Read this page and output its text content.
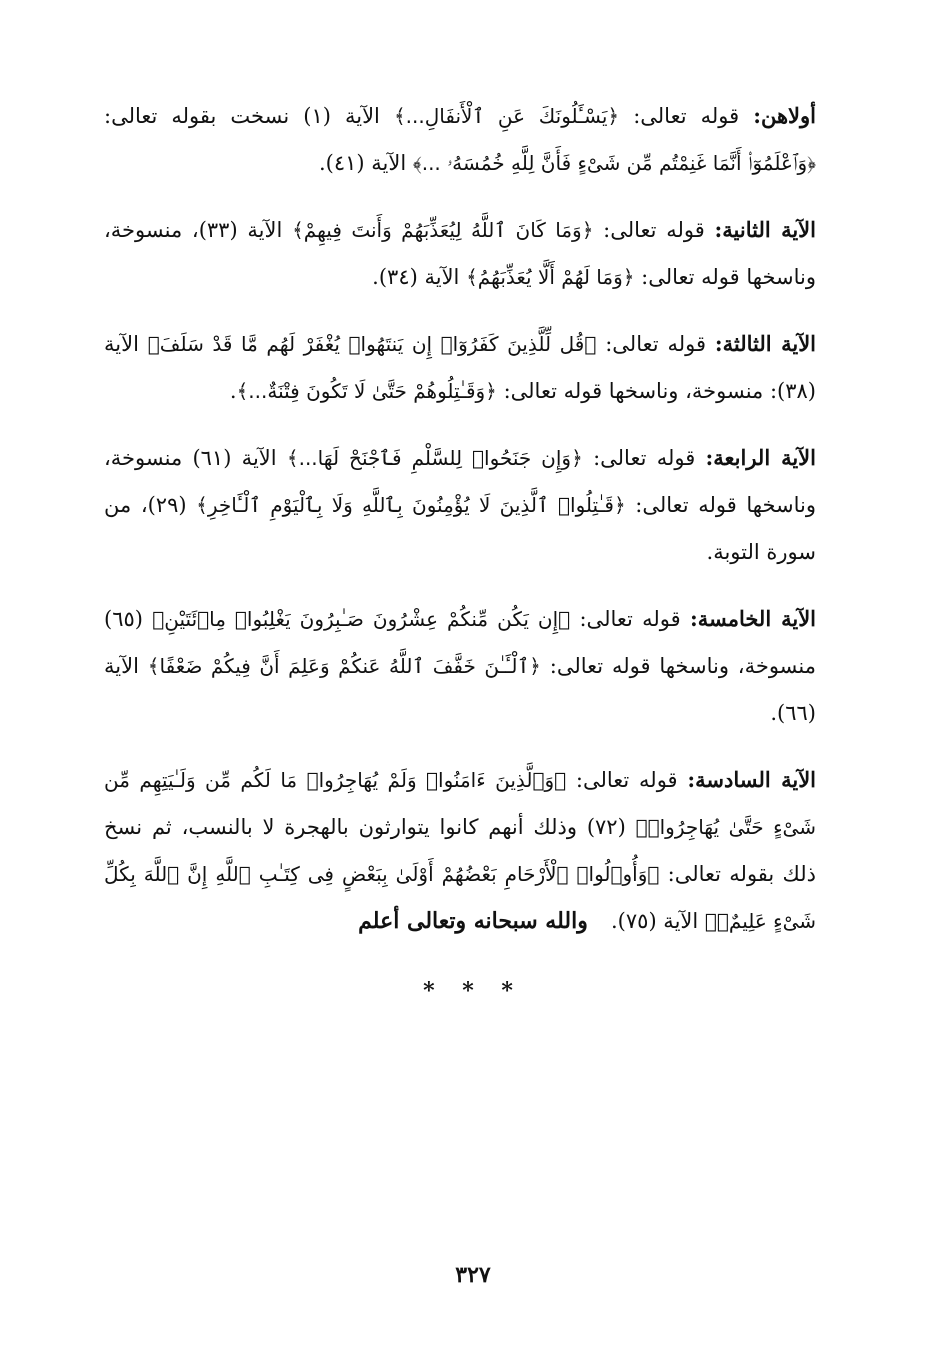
أولاهن: قوله تعالى: ﴿يَسْـَٔلُونَكَ عَنِ ٱلْأَنفَالِ...﴾ الآية (١) نسخت بقوله تعالى: ﴿وَٱعْلَمُوٓا۟ أَنَّمَا غَنِمْتُم مِّن شَىْءٍ فَأَنَّ لِلَّهِ خُمُسَهُۥ ...﴾ الآية (٤١).

الآية الثانية: قوله تعالى: ﴿وَمَا كَانَ ٱللَّهُ لِيُعَذِّبَهُمْ وَأَنتَ فِيهِمْ﴾ الآية (٣٣)، منسوخة، وناسخها قوله تعالى: ﴿وَمَا لَهُمْ أَلَّا يُعَذِّبَهُمُ﴾ الآية (٣٤).

الآية الثالثة: قوله تعالى: ﴿قُل لِّلَّذِينَ كَفَرُوٓا۟ إِن يَنتَهُوا۟ يُغْفَرْ لَهُم مَّا قَدْ سَلَفَ﴾ الآية (٣٨): منسوخة، وناسخها قوله تعالى: ﴿وَقَـٰتِلُوهُمْ حَتَّىٰ لَا تَكُونَ فِتْنَةٌ...﴾.

الآية الرابعة: قوله تعالى: ﴿وَإِن جَنَحُوا۟ لِلسَّلْمِ فَٱجْنَحْ لَهَا...﴾ الآية (٦١) منسوخة، وناسخها قوله تعالى: ﴿قَـٰتِلُوا۟ ٱلَّذِينَ لَا يُؤْمِنُونَ بِٱللَّهِ وَلَا بِٱلْيَوْمِ ٱلْـَٔاخِرِ﴾ (٢٩)، من سورة التوبة.

الآية الخامسة: قوله تعالى: ﴿إِن يَكُن مِّنكُمْ عِشْرُونَ صَـٰبِرُونَ يَغْلِبُوا۟ مِا۟ئَتَيْنِ﴾ (٦٥) منسوخة، وناسخها قوله تعالى: ﴿ٱلْـَٔـٰنَ خَفَّفَ ٱللَّهُ عَنكُمْ وَعَلِمَ أَنَّ فِيكُمْ ضَعْفًا﴾ الآية (٦٦).

الآية السادسة: قوله تعالى: ﴿وَٱلَّذِينَ ءَامَنُوا۟ وَلَمْ يُهَاجِرُوا۟ مَا لَكُم مِّن وَلَـٰيَتِهِم مِّن شَىْءٍ حَتَّىٰ يُهَاجِرُوا۟﴾ (٧٢) وذلك أنهم كانوا يتوارثون بالهجرة لا بالنسب، ثم نسخ ذلك بقوله تعالى: ﴿وَأُو۟لُوا۟ ٱلْأَرْحَامِ بَعْضُهُمْ أَوْلَىٰ بِبَعْضٍ فِى كِتَـٰبِ ٱللَّهِ إِنَّ ٱللَّهَ بِكُلِّ شَىْءٍ عَلِيمٌۢ﴾ الآية (٧٥).

والله سبحانه وتعالى أعلم
* * *
٣٢٧
